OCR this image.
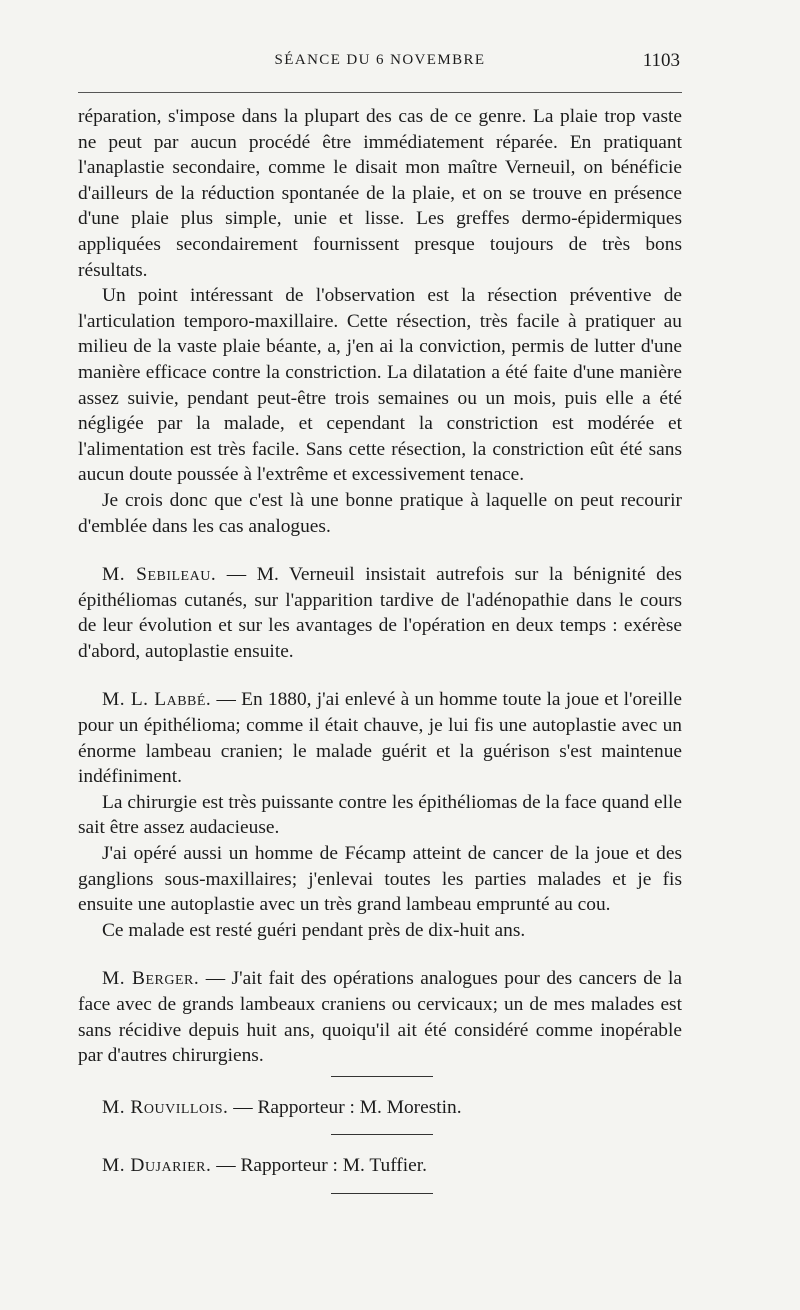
SÉANCE DU 6 NOVEMBRE	1103

réparation, s'impose dans la plupart des cas de ce genre. La plaie trop vaste ne peut par aucun procédé être immédiatement réparée. En pratiquant l'anaplastie secondaire, comme le disait mon maître Verneuil, on bénéficie d'ailleurs de la réduction spontanée de la plaie, et on se trouve en présence d'une plaie plus simple, unie et lisse. Les greffes dermo-épidermiques appliquées secondairement fournissent presque toujours de très bons résultats.

Un point intéressant de l'observation est la résection préventive de l'articulation temporo-maxillaire. Cette résection, très facile à pratiquer au milieu de la vaste plaie béante, a, j'en ai la conviction, permis de lutter d'une manière efficace contre la constriction. La dilatation a été faite d'une manière assez suivie, pendant peut-être trois semaines ou un mois, puis elle a été négligée par la malade, et cependant la constriction est modérée et l'alimentation est très facile. Sans cette résection, la constriction eût été sans aucun doute poussée à l'extrême et excessivement tenace.

Je crois donc que c'est là une bonne pratique à laquelle on peut recourir d'emblée dans les cas analogues.

M. Sebileau. — M. Verneuil insistait autrefois sur la bénignité des épithéliomas cutanés, sur l'apparition tardive de l'adénopathie dans le cours de leur évolution et sur les avantages de l'opération en deux temps : exérèse d'abord, autoplastie ensuite.

M. L. Labbé. — En 1880, j'ai enlevé à un homme toute la joue et l'oreille pour un épithélioma; comme il était chauve, je lui fis une autoplastie avec un énorme lambeau cranien; le malade guérit et la guérison s'est maintenue indéfiniment.

La chirurgie est très puissante contre les épithéliomas de la face quand elle sait être assez audacieuse.

J'ai opéré aussi un homme de Fécamp atteint de cancer de la joue et des ganglions sous-maxillaires; j'enlevai toutes les parties malades et je fis ensuite une autoplastie avec un très grand lambeau emprunté au cou.

Ce malade est resté guéri pendant près de dix-huit ans.

M. Berger. — J'ait fait des opérations analogues pour des cancers de la face avec de grands lambeaux craniens ou cervicaux; un de mes malades est sans récidive depuis huit ans, quoiqu'il ait été considéré comme inopérable par d'autres chirurgiens.

M. Rouvillois. — Rapporteur : M. Morestin.
M. Dujarier. — Rapporteur : M. Tuffier.
